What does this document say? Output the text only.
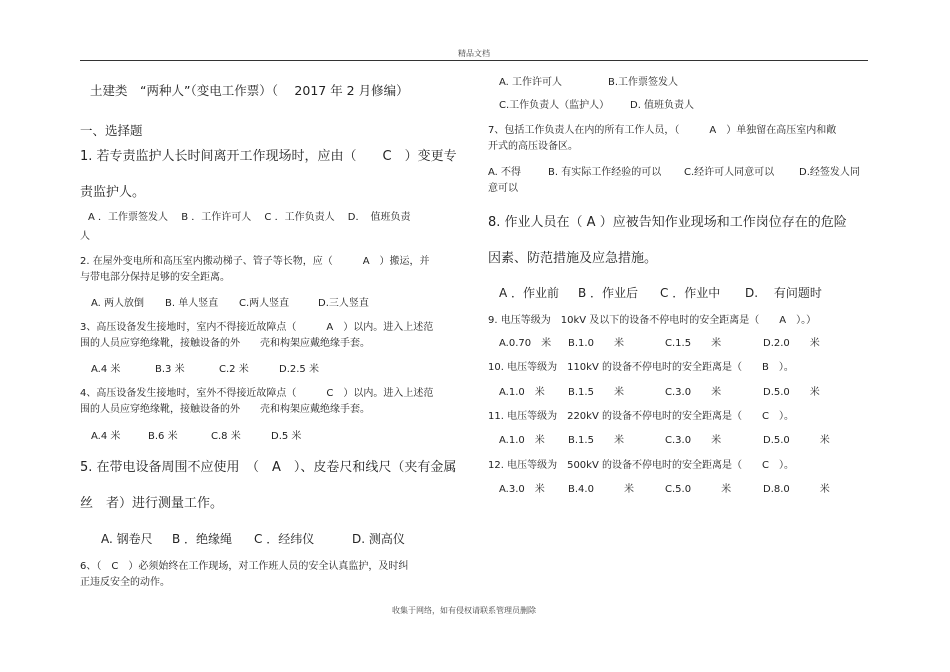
精品文档
土建类　“两种人”（变电工作票）（　 2017 年 2 月修编）
一、选择题
1. 若专责监护人长时间离开工作现场时，应由（　　C　）变更专
责监护人。
A ．工作票签发人　 B ．工作许可人　 C ．工作负责人　 D．　值班负责
人
2. 在屋外变电所和高压室内搬动梯子、管子等长物，应（　　　A　）搬运，并
与带电部分保持足够的安全距离。
A. 两人放倒 B. 单人竖直 C.两人竖直	D.三人竖直
3、高压设备发生接地时，室内不得接近故障点（　　　A　）以内。进入上述范
围的人员应穿绝缘靴，接触设备的外　　壳和构架应戴绝缘手套。
A.4 米	B.3 米	C.2 米	D.2.5 米
4、高压设备发生接地时，室外不得接近故障点（　　　C　）以内。进入上述范
围的人员应穿绝缘靴，接触设备的外　　壳和构架应戴绝缘手套。
A.4 米	B.6 米	C.8 米	D.5 米
5. 在带电设备周围不应使用　（　A　）、皮卷尺和线尺（夹有金属
丝　者）进行测量工作。
A. 钢卷尺 B ．绝缘绳 C ．经纬仪	D. 测高仪
6、（　C　）必须始终在工作现场，对工作班人员的安全认真监护，及时纠
正违反安全的动作。
A. 工作许可人	B.工作票签发人
C.工作负责人（监护人） D. 值班负责人
7、包括工作负责人在内的所有工作人员，（　　　A　）单独留在高压室内和敞
开式的高压设备区。
A. 不得	B. 有实际工作经验的可以 C.经许可人同意可以 D.经签发人同
意可以
8. 作业人员在（ A ）应被告知作业现场和工作岗位存在的危险
因素、防范措施及应急措施。
A ．作业前 B ．作业后 C ．作业中 D.　 有问题时
9. 电压等级为　10kV 及以下的设备不停电时的安全距离是（　　A　）。）
A.0.70　米 B.1.0　　米	C.1.5　　米	D.2.0　　米
10. 电压等级为　110kV 的设备不停电时的安全距离是（　　B　）。
A.1.0　米 B.1.5　　米	C.3.0　　米	D.5.0　　米
11. 电压等级为　220kV 的设备不停电时的安全距离是（　　C　）。
A.1.0　米 B.1.5　　米	C.3.0　　米	D.5.0　　　米
12. 电压等级为　500kV 的设备不停电时的安全距离是（　　C　）。
A.3.0　米 B.4.0　　　米	C.5.0　　　米	D.8.0　　　米
收集于网络，如有侵权请联系管理员删除
